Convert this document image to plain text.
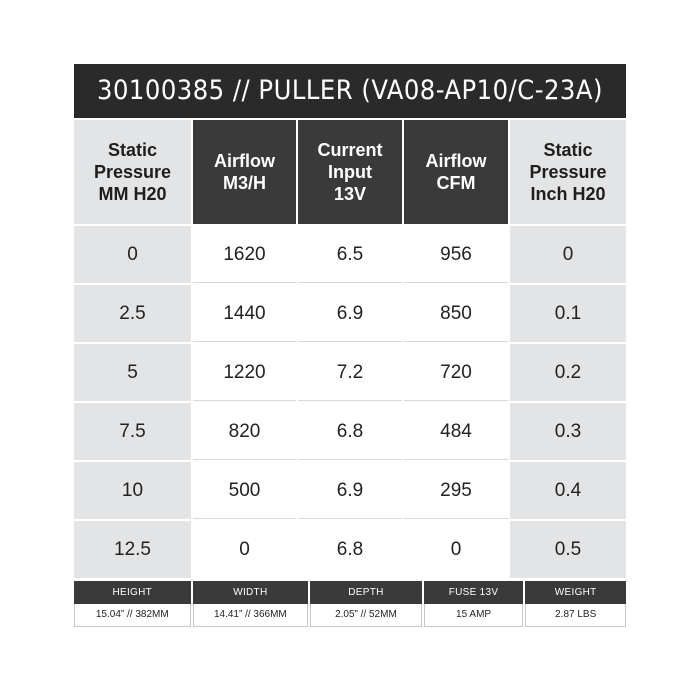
30100385 // PULLER (VA08-AP10/C-23A)
Static
Pressure
MM H20
0
2.5
5
7.5
10
12.5
Airflow
M3/H
1620
1440
1220
820
500
0
Current
Input
13V
6.5
6.9
7.2
6.8
6.9
6.8
Airflow
CFM
956
850
720
484
295
0
Static
Pressure
Inch H20
0
0.1
0.2
0.3
0.4
0.5
HEIGHT
15.04” // 382MM
WIDTH
14.41” // 366MM
DEPTH
2.05” // 52MM
FUSE 13V
15 AMP
WEIGHT
2.87 LBS
